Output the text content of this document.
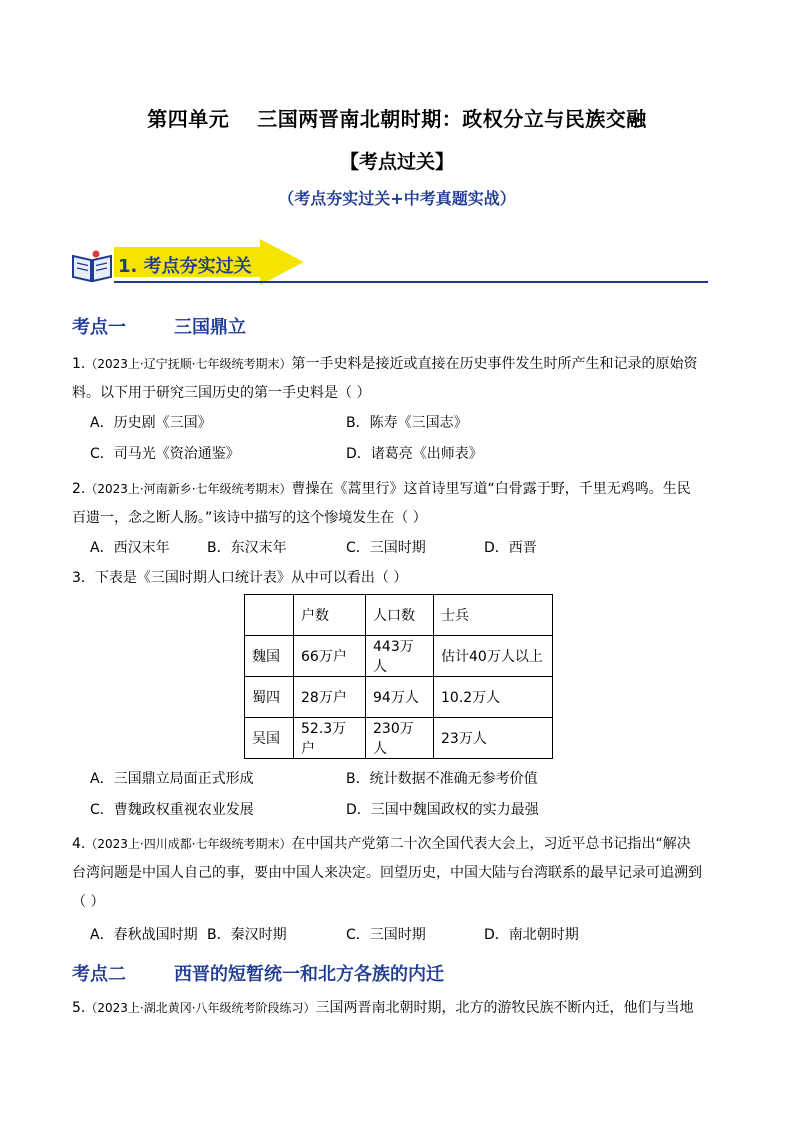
第四单元 三国两晋南北朝时期：政权分立与民族交融
【考点过关】
（考点夯实过关+中考真题实战）
1. 考点夯实过关
考点一	三国鼎立
1.（2023上·辽宁抚顺·七年级统考期末）第一手史料是接近或直接在历史事件发生时所产生和记录的原始资
料。以下用于研究三国历史的第一手史料是（ ）
A．历史剧《三国》	B．陈寿《三国志》
C．司马光《资治通鉴》	D．诸葛亮《出师表》
2.（2023上·河南新乡·七年级统考期末）曹操在《蒿里行》这首诗里写道“白骨露于野，千里无鸡鸣。生民
百遗一，念之断人肠。”该诗中描写的这个惨境发生在（ ）
A．西汉末年	B．东汉末年	C．三国时期	D．西晋
3．下表是《三国时期人口统计表》从中可以看出（ ）
	户数	人口数	士兵
魏国	66万户	443万人	估计40万人以上
蜀四	28万户	94万人	10.2万人
吴国	52.3万户	230万人	23万人
A．三国鼎立局面正式形成	B．统计数据不准确无参考价值
C．曹魏政权重视农业发展	D．三国中魏国政权的实力最强
4.（2023上·四川成都·七年级统考期末）在中国共产党第二十次全国代表大会上，习近平总书记指出“解决
台湾问题是中国人自己的事，要由中国人来决定。回望历史，中国大陆与台湾联系的最早记录可追溯到
（ ）
A．春秋战国时期 B．秦汉时期	C．三国时期	D．南北朝时期
考点二	西晋的短暂统一和北方各族的内迁
5.（2023上·湖北黄冈·八年级统考阶段练习）三国两晋南北朝时期，北方的游牧民族不断内迁，他们与当地
